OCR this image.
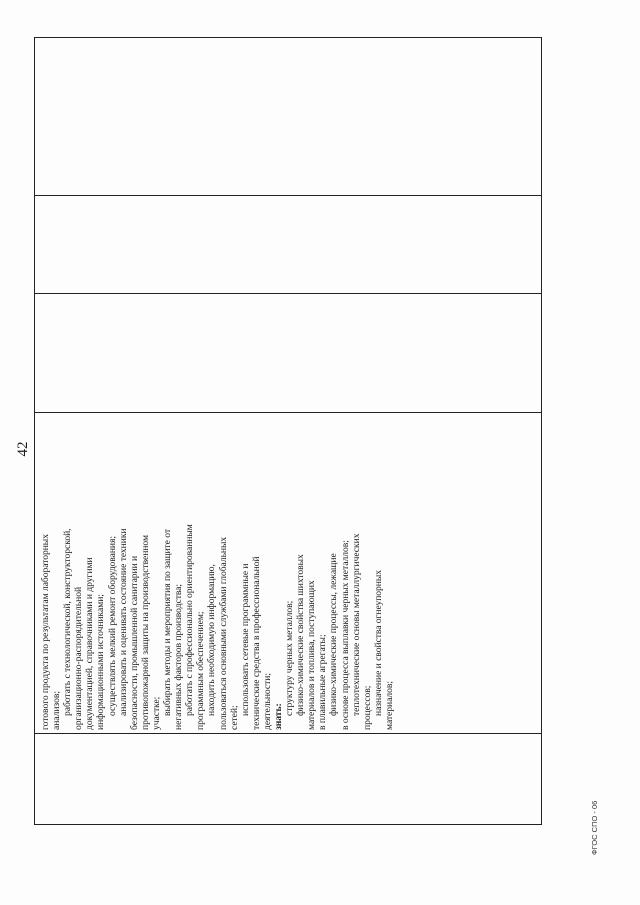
42
готового продукта по результатам лабораторных анализов; работать с технологической, конструкторской, организационно-распорядительной документацией, справочниками и другими информационными источниками; осуществлять мелкий ремонт оборудования; анализировать и оценивать состояние техники безопасности, промышленной санитарии и противопожарной защиты на производственном участке; выбирать методы и мероприятия по защите от негативных факторов производства; работать с профессионально ориентированным программным обеспечением; находить необходимую информацию, пользоваться основными службами глобальных сетей;
использовать сетевые программные и технические средства в профессиональной деятельности; знать:
структуру черных металлов; физико-химические свойства шихтовых материалов и топлива, поступающих в плавильные агрегаты; физико-химические процессы, лежащие в основе процесса выплавки черных металлов; теплотехнические основы металлургических процессов; назначение и свойства огнеупорных материалов;
ФГОС СПО - 06
